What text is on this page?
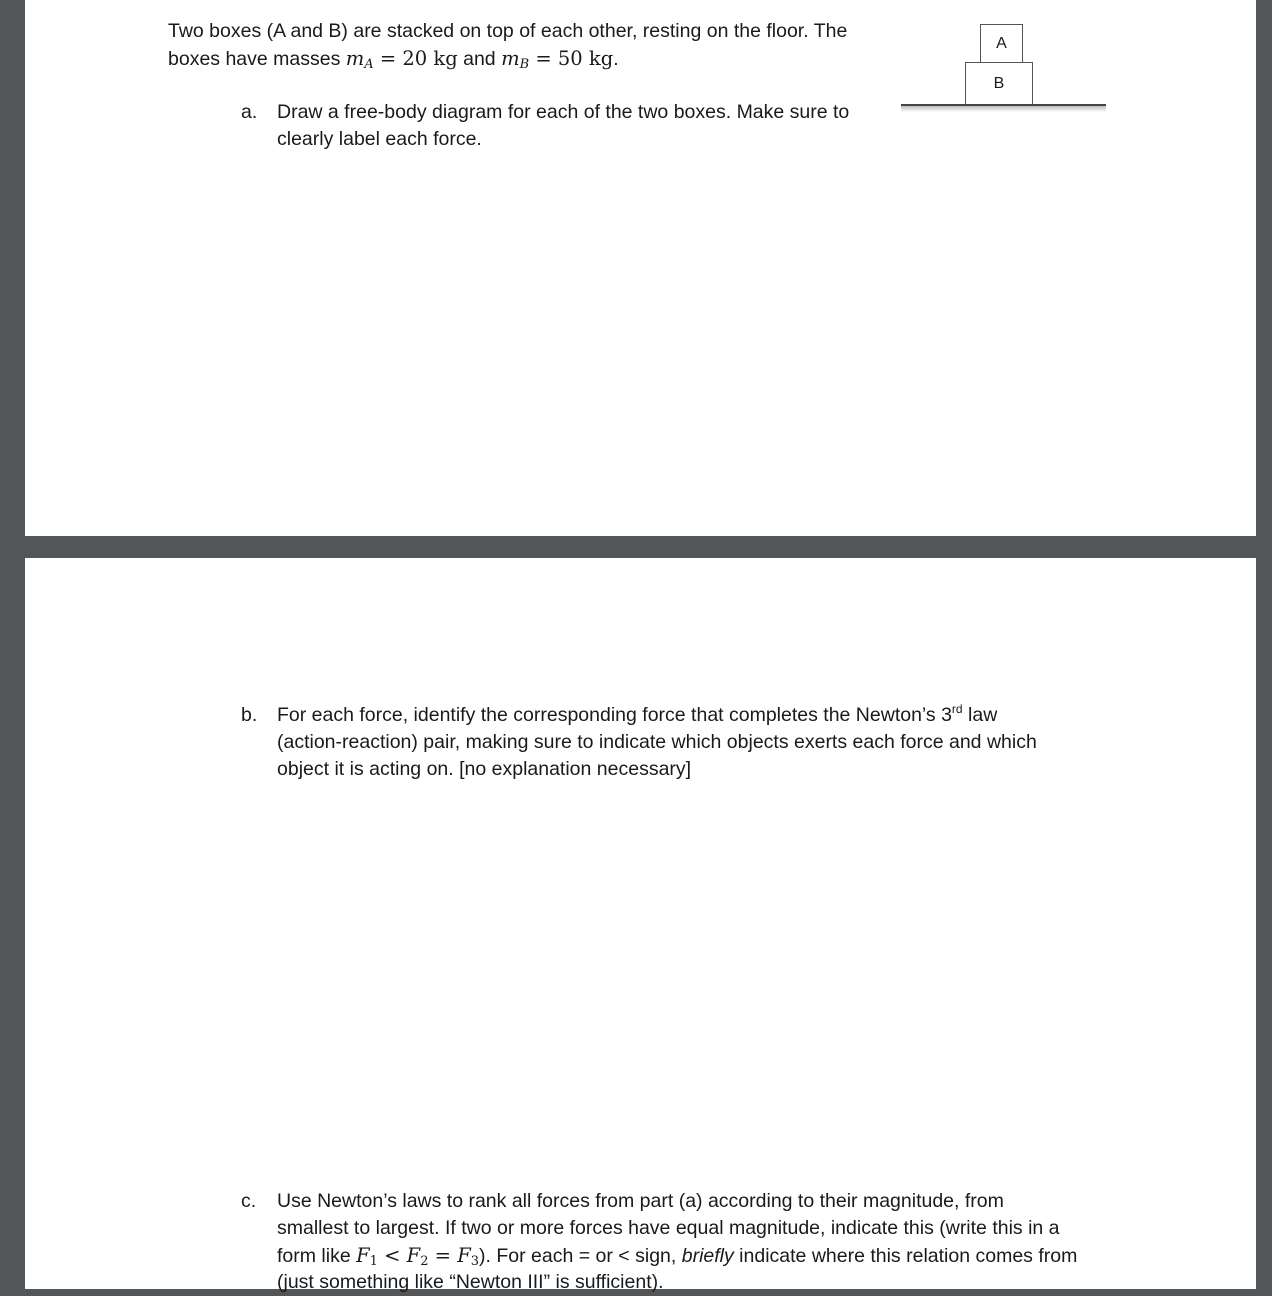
Two boxes (A and B) are stacked on top of each other, resting on the floor. The
boxes have masses $m_A = 20$ kg and $m_B = 50$ kg.
A
B
a. Draw a free-body diagram for each of the two boxes. Make sure to
clearly label each force.
b. For each force, identify the corresponding force that completes the Newton’s 3rd law
(action-reaction) pair, making sure to indicate which objects exerts each force and which
object it is acting on. [no explanation necessary]
c. Use Newton’s laws to rank all forces from part (a) according to their magnitude, from
smallest to largest. If two or more forces have equal magnitude, indicate this (write this in a
form like $F_1 < F_2 = F_3$). For each = or < sign, briefly indicate where this relation comes from
(just something like “Newton III” is sufficient).
